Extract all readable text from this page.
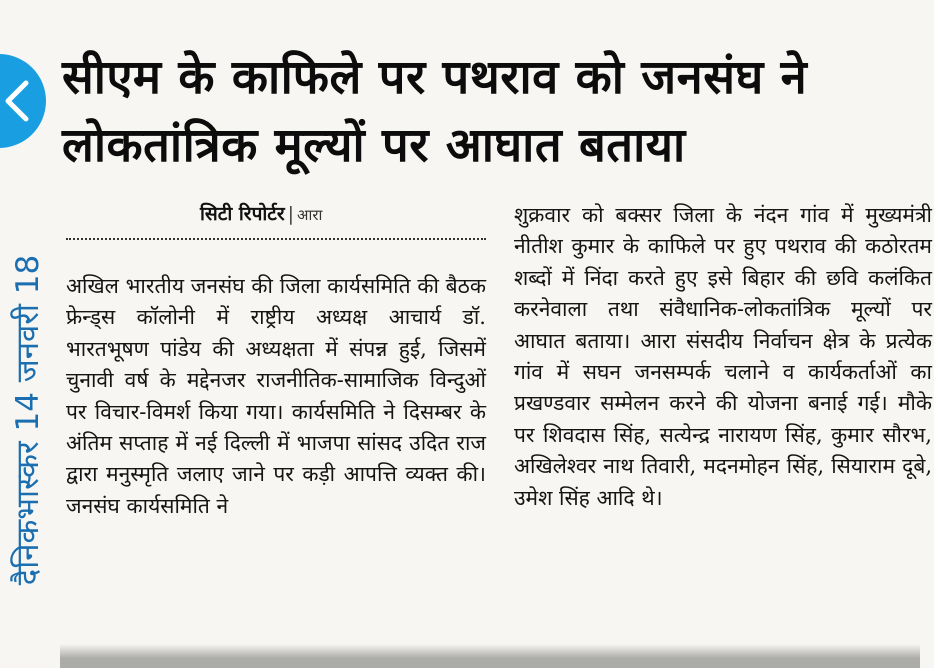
दैनिकभास्कर 14 जनवरी 18
सीएम के काफिले पर पथराव को जनसंघ ने
लोकतांत्रिक मूल्यों पर आघात बताया
सिटी रिपोर्टर | आरा
अखिल भारतीय जनसंघ की जिला कार्यसमिति की बैठक फ्रेन्ड्स कॉलोनी में राष्ट्रीय अध्यक्ष आचार्य डॉ. भारतभूषण पांडेय की अध्यक्षता में संपन्न हुई, जिसमें चुनावी वर्ष के मद्देनजर राजनीतिक-सामाजिक विन्दुओं पर विचार-विमर्श किया गया। कार्यसमिति ने दिसम्बर के अंतिम सप्ताह में नई दिल्ली में भाजपा सांसद उदित राज द्वारा मनुस्मृति जलाए जाने पर कड़ी आपत्ति व्यक्त की। जनसंघ कार्यसमिति ने
शुक्रवार को बक्सर जिला के नंदन गांव में मुख्यमंत्री नीतीश कुमार के काफिले पर हुए पथराव की कठोरतम शब्दों में निंदा करते हुए इसे बिहार की छवि कलंकित करनेवाला तथा संवैधानिक-लोकतांत्रिक मूल्यों पर आघात बताया। आरा संसदीय निर्वाचन क्षेत्र के प्रत्येक गांव में सघन जनसम्पर्क चलाने व कार्यकर्ताओं का प्रखण्डवार सम्मेलन करने की योजना बनाई गई। मौके पर शिवदास सिंह, सत्येन्द्र नारायण सिंह, कुमार सौरभ, अखिलेश्वर नाथ तिवारी, मदनमोहन सिंह, सियाराम दूबे, उमेश सिंह आदि थे।
